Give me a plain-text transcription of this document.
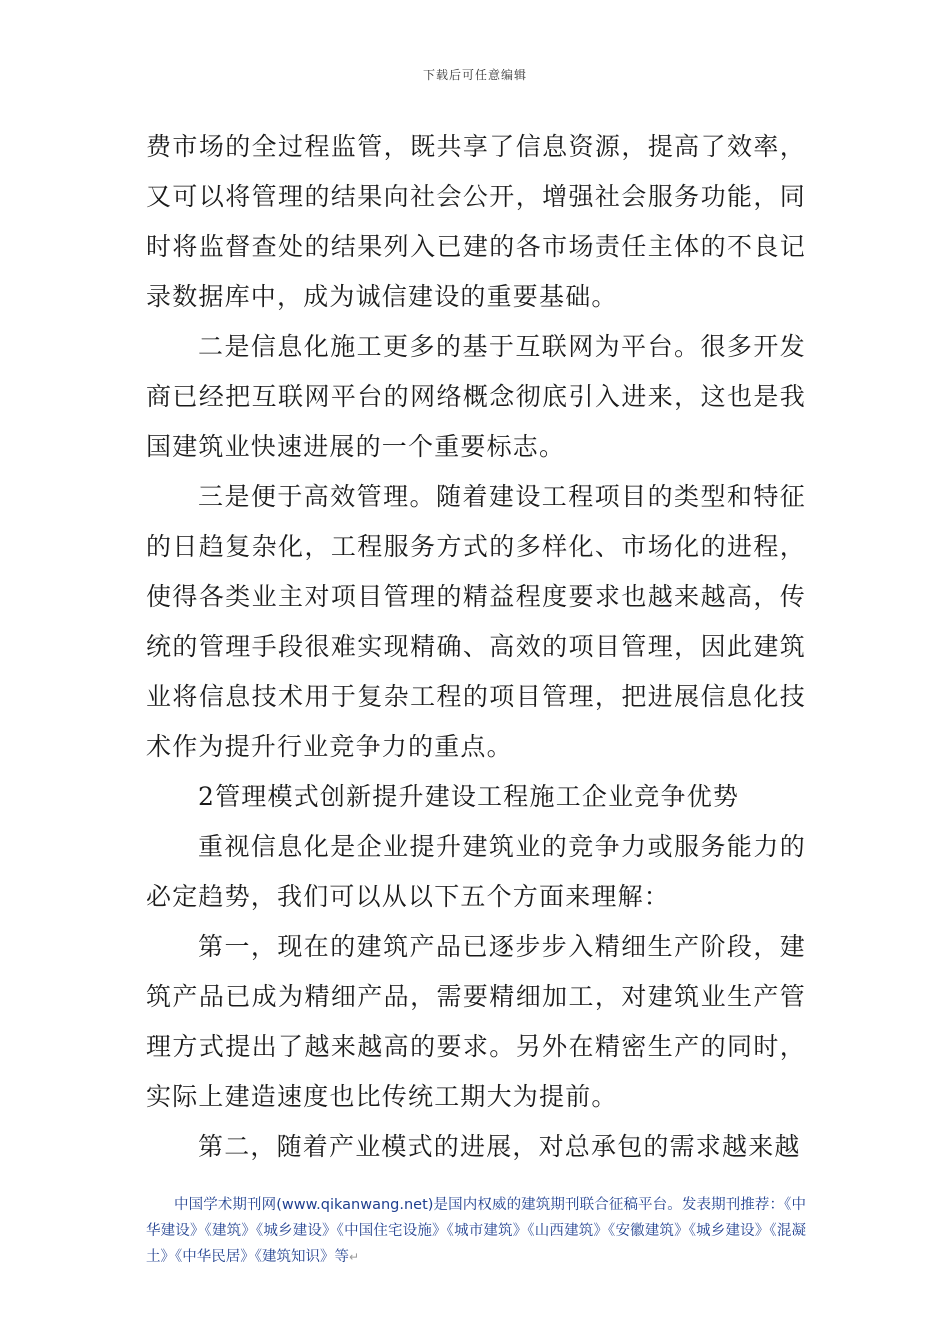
下载后可任意编辑

费市场的全过程监管，既共享了信息资源，提高了效率，又可以将管理的结果向社会公开，增强社会服务功能，同时将监督查处的结果列入已建的各市场责任主体的不良记录数据库中，成为诚信建设的重要基础。

二是信息化施工更多的基于互联网为平台。很多开发商已经把互联网平台的网络概念彻底引入进来，这也是我国建筑业快速进展的一个重要标志。

三是便于高效管理。随着建设工程项目的类型和特征的日趋复杂化，工程服务方式的多样化、市场化的进程，使得各类业主对项目管理的精益程度要求也越来越高，传统的管理手段很难实现精确、高效的项目管理，因此建筑业将信息技术用于复杂工程的项目管理，把进展信息化技术作为提升行业竞争力的重点。

2管理模式创新提升建设工程施工企业竞争优势

重视信息化是企业提升建筑业的竞争力或服务能力的必定趋势，我们可以从以下五个方面来理解：

第一，现在的建筑产品已逐步步入精细生产阶段，建筑产品已成为精细产品，需要精细加工，对建筑业生产管理方式提出了越来越高的要求。另外在精密生产的同时，实际上建造速度也比传统工期大为提前。

第二，随着产业模式的进展，对总承包的需求越来越

中国学术期刊网(www.qikanwang.net)是国内权威的建筑期刊联合征稿平台。发表期刊推荐：《中华建设》《建筑》《城乡建设》《中国住宅设施》《城市建筑》《山西建筑》《安徽建筑》《城乡建设》《混凝土》《中华民居》《建筑知识》等↵
